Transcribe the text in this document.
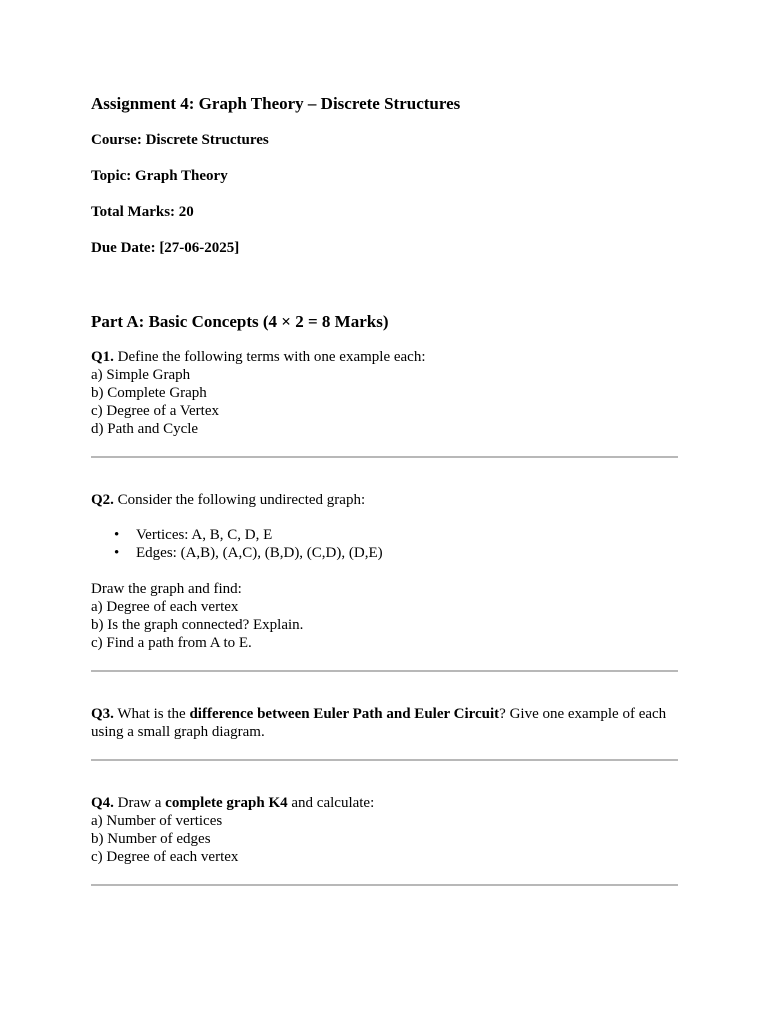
Assignment 4: Graph Theory – Discrete Structures
Course: Discrete Structures
Topic: Graph Theory
Total Marks: 20
Due Date: [27-06-2025]
Part A: Basic Concepts (4 × 2 = 8 Marks)
Q1. Define the following terms with one example each:
a) Simple Graph
b) Complete Graph
c) Degree of a Vertex
d) Path and Cycle
Q2. Consider the following undirected graph:
• Vertices: A, B, C, D, E
• Edges: (A,B), (A,C), (B,D), (C,D), (D,E)
Draw the graph and find:
a) Degree of each vertex
b) Is the graph connected? Explain.
c) Find a path from A to E.
Q3. What is the difference between Euler Path and Euler Circuit? Give one example of each using a small graph diagram.
Q4. Draw a complete graph K4 and calculate:
a) Number of vertices
b) Number of edges
c) Degree of each vertex
